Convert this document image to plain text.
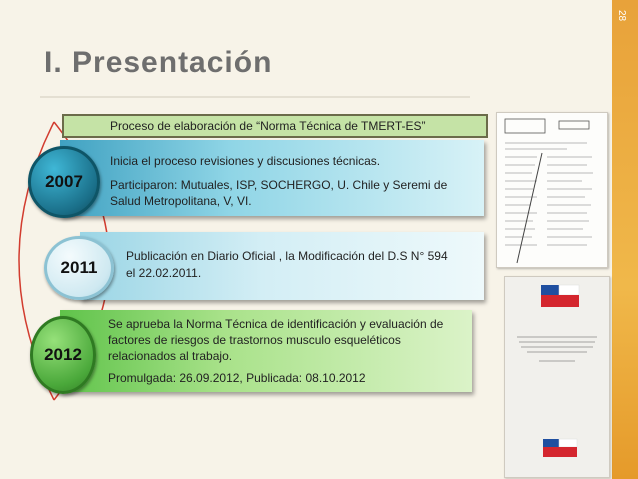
28
I. Presentación
Proceso de elaboración de “Norma Técnica de TMERT-ES”

Inicia el proceso revisiones y discusiones técnicas.

Participaron: Mutuales, ISP, SOCHERGO, U. Chile y Seremi de

Salud Metropolitana, V, VI.

2007

Publicación en Diario Oficial , la Modificación del D.S N° 594

el 22.02.2011.

2011

Se aprueba la Norma Técnica de identificación y evaluación de

factores de riesgos de trastornos musculo esqueléticos

relacionados al trabajo.

Promulgada: 26.09.2012, Publicada: 08.10.2012

2012
